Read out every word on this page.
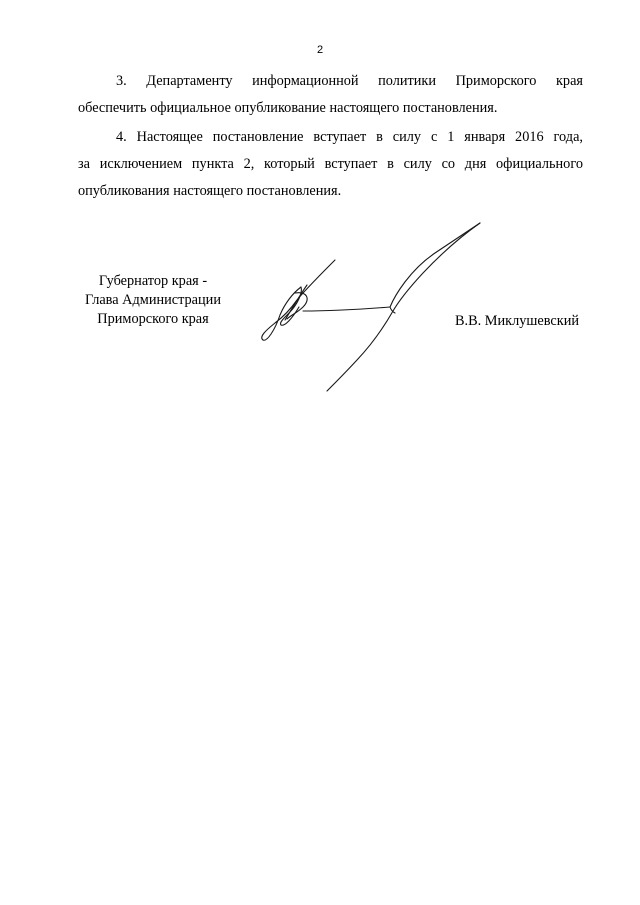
2
3. Департаменту информационной политики Приморского края
обеспечить официальное опубликование настоящего постановления.
4. Настоящее постановление вступает в силу с 1 января 2016 года,
за исключением пункта 2, который вступает в силу со дня официального
опубликования настоящего постановления.
Губернатор края -
Глава Администрации
Приморского края	В.В. Миклушевский
